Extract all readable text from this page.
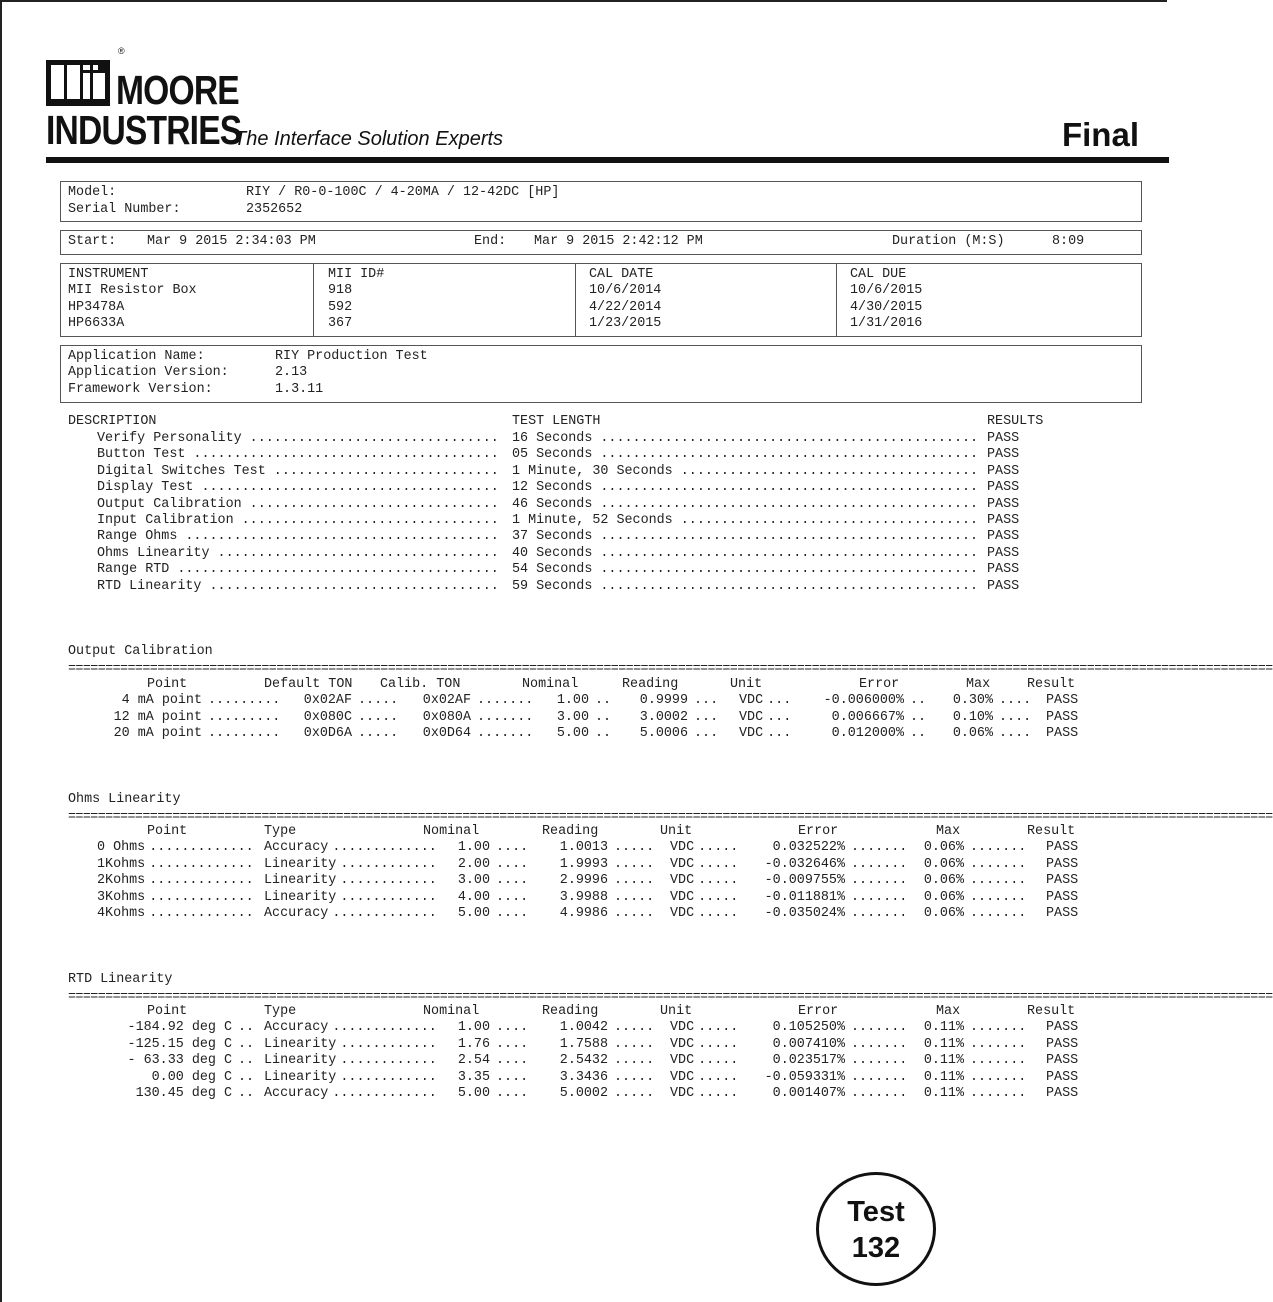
®
MOORE
INDUSTRIES
The Interface Solution Experts	Final
Model:	RIY / R0-0-100C / 4-20MA / 12-42DC [HP]
Serial Number:	2352652
Start: Mar 9 2015 2:34:03 PM	End: Mar 9 2015 2:42:12 PM	Duration (M:S)	8:09
INSTRUMENT	MII ID#	CAL DATE	CAL DUE
MII Resistor Box	918	10/6/2014	10/6/2015
HP3478A	592	4/22/2014	4/30/2015
HP6633A	367	1/23/2015	1/31/2016
Application Name:	RIY Production Test
Application Version:	2.13
Framework Version:	1.3.11
DESCRIPTION	TEST LENGTH	RESULTS
Verify Personality ............................... 16 Seconds ............................................... PASS
Button Test ...................................... 05 Seconds ............................................... PASS
Digital Switches Test ............................ 1 Minute, 30 Seconds ..................................... PASS
Display Test ..................................... 12 Seconds ............................................... PASS
Output Calibration ............................... 46 Seconds ............................................... PASS
Input Calibration ................................ 1 Minute, 52 Seconds ..................................... PASS
Range Ohms ....................................... 37 Seconds ............................................... PASS
Ohms Linearity ................................... 40 Seconds ............................................... PASS
Range RTD ........................................ 54 Seconds ............................................... PASS
RTD Linearity .................................... 59 Seconds ............................................... PASS
Output Calibration
==================================================================================================================================================================
Point	Default TON Calib. TON	Nominal	Reading	Unit	Error	Max	Result
4 mA point ......... 0x02AF ..... 0x02AF ....... 1.00 .. 0.9999 ... VDC ... -0.006000% .. 0.30% .... PASS
12 mA point ......... 0x080C ..... 0x080A ....... 3.00 .. 3.0002 ... VDC ...	0.006667% .. 0.10% .... PASS
20 mA point ......... 0x0D6A ..... 0x0D64 ....... 5.00 .. 5.0006 ... VDC ...	0.012000% .. 0.06% .... PASS
Ohms Linearity
==================================================================================================================================================================
Point	Type	Nominal	Reading	Unit	Error	Max	Result
0 Ohms ............. Accuracy ............. 1.00 .... 1.0013 ..... VDC .....	0.032522% ....... 0.06% ....... PASS
1Kohms ............. Linearity ............ 2.00 .... 1.9993 ..... VDC ..... -0.032646% ....... 0.06% ....... PASS
2Kohms ............. Linearity ............ 3.00 .... 2.9996 ..... VDC ..... -0.009755% ....... 0.06% ....... PASS
3Kohms ............. Linearity ............ 4.00 .... 3.9988 ..... VDC ..... -0.011881% ....... 0.06% ....... PASS
4Kohms ............. Accuracy ............. 5.00 .... 4.9986 ..... VDC ..... -0.035024% ....... 0.06% ....... PASS
RTD Linearity
==================================================================================================================================================================
Point	Type	Nominal	Reading	Unit	Error	Max	Result
-184.92 deg C .. Accuracy ............. 1.00 .... 1.0042 ..... VDC .....	0.105250% ....... 0.11% ....... PASS
-125.15 deg C .. Linearity ............ 1.76 .... 1.7588 ..... VDC .....	0.007410% ....... 0.11% ....... PASS
- 63.33 deg C .. Linearity ............ 2.54 .... 2.5432 ..... VDC .....	0.023517% ....... 0.11% ....... PASS
0.00 deg C .. Linearity ............ 3.35 .... 3.3436 ..... VDC ..... -0.059331% ....... 0.11% ....... PASS
130.45 deg C .. Accuracy ............. 5.00 .... 5.0002 ..... VDC .....	0.001407% ....... 0.11% ....... PASS
Test
132
